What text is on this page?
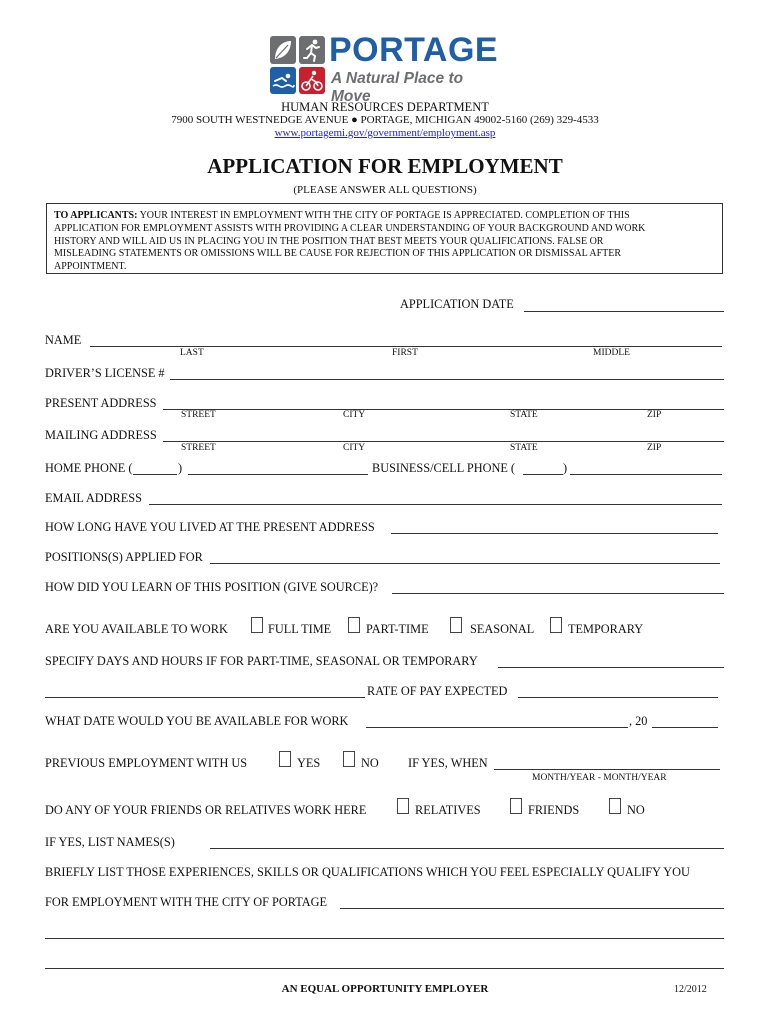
PORTAGE
A Natural Place to Move
HUMAN RESOURCES DEPARTMENT
7900 SOUTH WESTNEDGE AVENUE ● PORTAGE, MICHIGAN 49002-5160 (269) 329-4533
www.portagemi.gov/government/employment.asp
APPLICATION FOR EMPLOYMENT
(PLEASE ANSWER ALL QUESTIONS)
TO APPLICANTS: YOUR INTEREST IN EMPLOYMENT WITH THE CITY OF PORTAGE IS APPRECIATED. COMPLETION OF THIS
APPLICATION FOR EMPLOYMENT ASSISTS WITH PROVIDING A CLEAR UNDERSTANDING OF YOUR BACKGROUND AND WORK
HISTORY AND WILL AID US IN PLACING YOU IN THE POSITION THAT BEST MEETS YOUR QUALIFICATIONS. FALSE OR
MISLEADING STATEMENTS OR OMISSIONS WILL BE CAUSE FOR REJECTION OF THIS APPLICATION OR DISMISSAL AFTER
APPOINTMENT.
APPLICATION DATE
NAME
LAST	FIRST	MIDDLE
DRIVER’S LICENSE #
PRESENT ADDRESS
STREET	CITY	STATE	ZIP
MAILING ADDRESS
STREET	CITY	STATE	ZIP
HOME PHONE (	)	BUSINESS/CELL PHONE (	)
EMAIL ADDRESS
HOW LONG HAVE YOU LIVED AT THE PRESENT ADDRESS
POSITIONS(S) APPLIED FOR
HOW DID YOU LEARN OF THIS POSITION (GIVE SOURCE)?
ARE YOU AVAILABLE TO WORK	FULL TIME	PART-TIME	SEASONAL	TEMPORARY
SPECIFY DAYS AND HOURS IF FOR PART-TIME, SEASONAL OR TEMPORARY
RATE OF PAY EXPECTED
WHAT DATE WOULD YOU BE AVAILABLE FOR WORK	, 20
PREVIOUS EMPLOYMENT WITH US	YES	NO IF YES, WHEN
MONTH/YEAR - MONTH/YEAR
DO ANY OF YOUR FRIENDS OR RELATIVES WORK HERE	RELATIVES	FRIENDS	NO
IF YES, LIST NAMES(S)
BRIEFLY LIST THOSE EXPERIENCES, SKILLS OR QUALIFICATIONS WHICH YOU FEEL ESPECIALLY QUALIFY YOU
FOR EMPLOYMENT WITH THE CITY OF PORTAGE
AN EQUAL OPPORTUNITY EMPLOYER	12/2012
